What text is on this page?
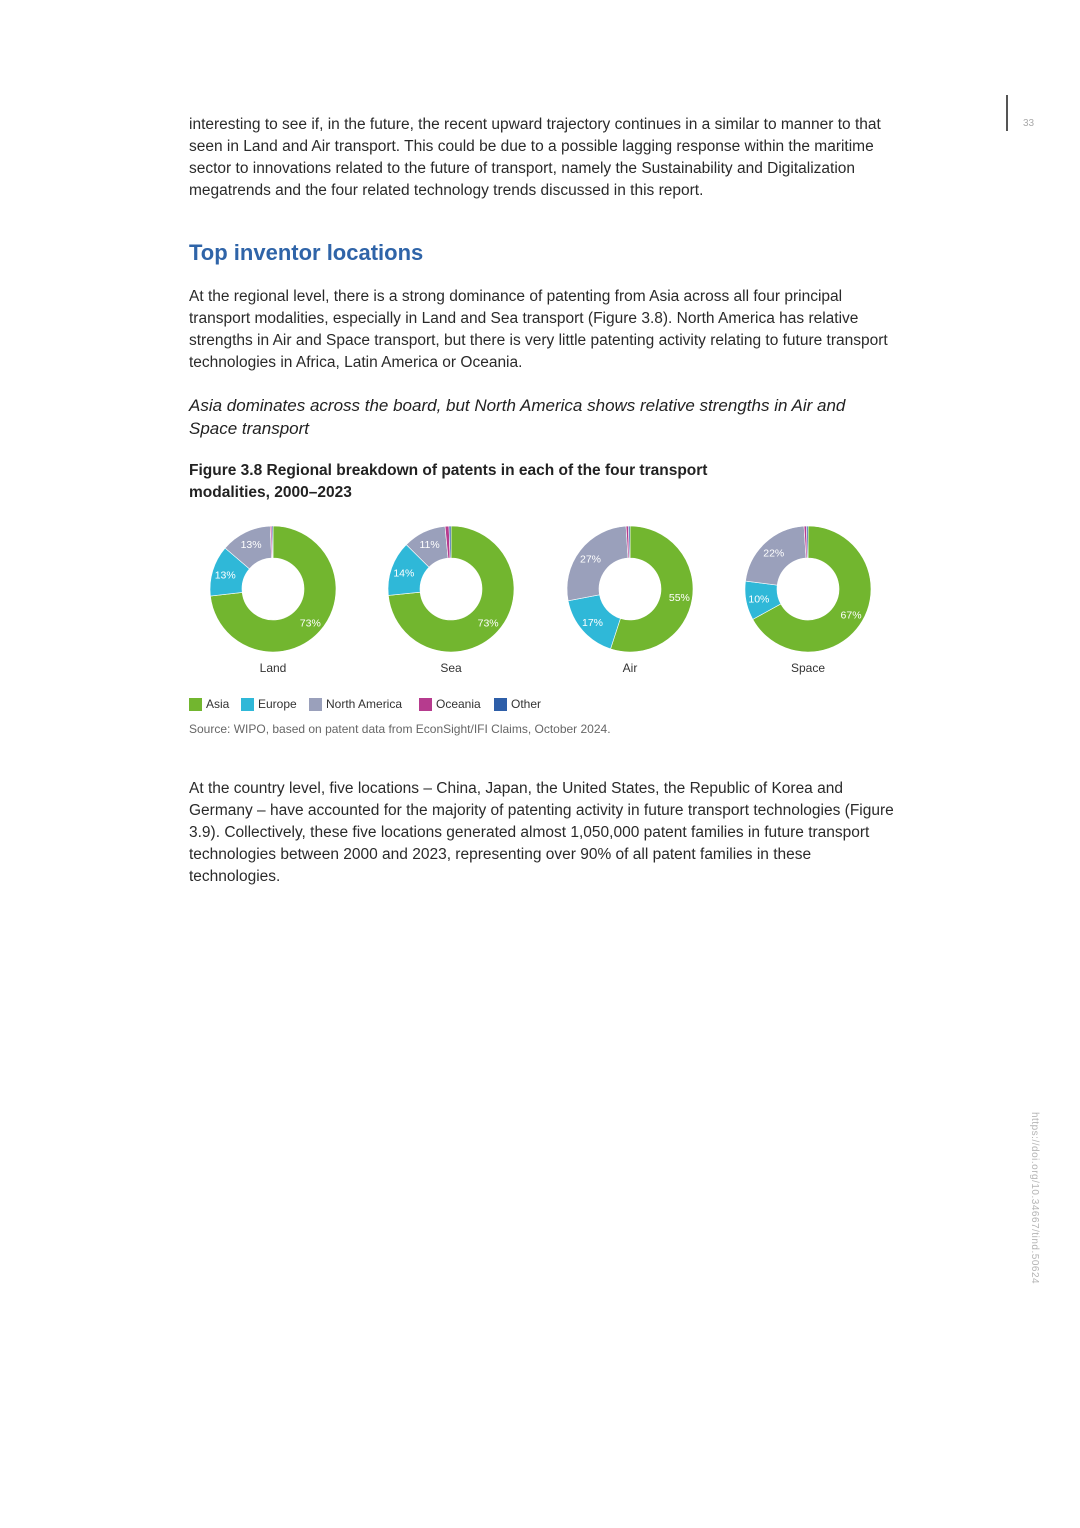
33
https://doi.org/10.34667/tind.50624

interesting to see if, in the future, the recent upward trajectory continues in a similar to manner to that seen in Land and Air transport. This could be due to a possible lagging response within the maritime sector to innovations related to the future of transport, namely the Sustainability and Digitalization megatrends and the four related technology trends discussed in this report.

Top inventor locations

At the regional level, there is a strong dominance of patenting from Asia across all four principal transport modalities, especially in Land and Sea transport (Figure 3.8). North America has relative strengths in Air and Space transport, but there is very little patenting activity relating to future transport technologies in Africa, Latin America or Oceania.

Asia dominates across the board, but North America shows relative strengths in Air and Space transport

Figure 3.8 Regional breakdown of patents in each of the four transport modalities, 2000–2023

73%
13%
13%
Land
73%
14%
11%
Sea
55%
17%
27%
Air
67%
10%
22%
Space
Asia Europe North America	Oceania	Other
Source: WIPO, based on patent data from EconSight/IFI Claims, October 2024.

At the country level, five locations – China, Japan, the United States, the Republic of Korea and Germany – have accounted for the majority of patenting activity in future transport technologies (Figure 3.9). Collectively, these five locations generated almost 1,050,000 patent families in future transport technologies between 2000 and 2023, representing over 90% of all patent families in these technologies.
